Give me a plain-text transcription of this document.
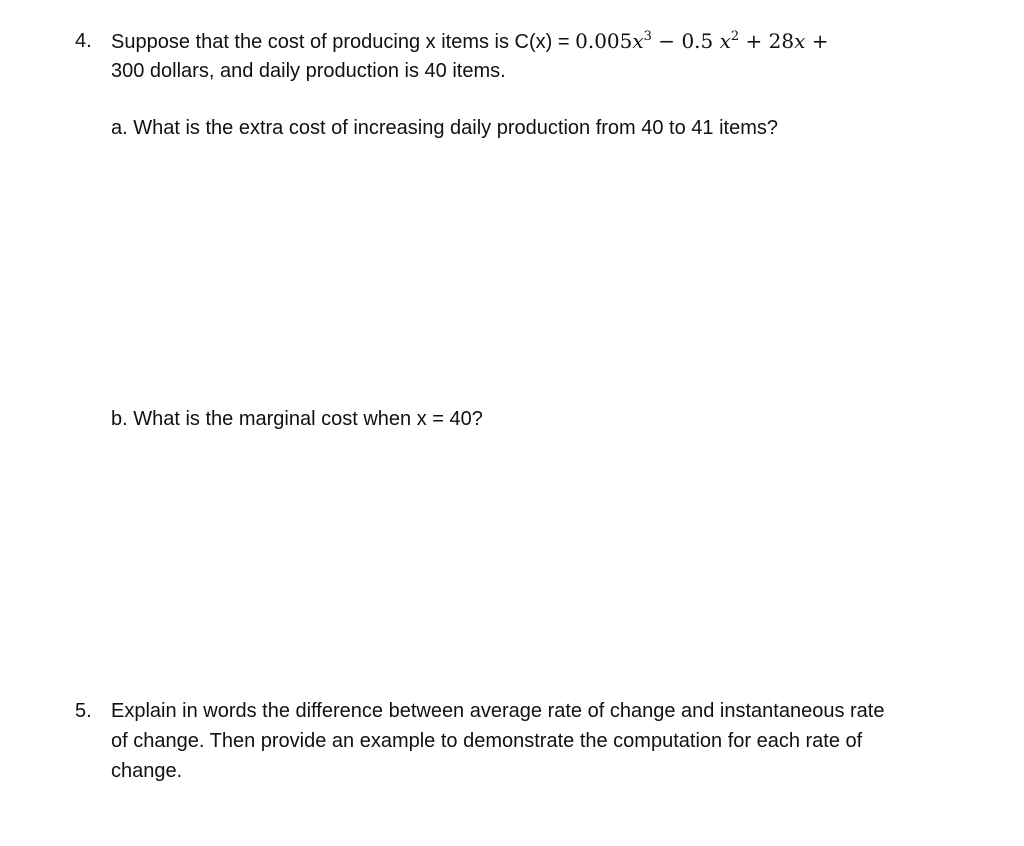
4. Suppose that the cost of producing x items is $C(x) = 0.005x^3 - 0.5$ $x^2 + 28x$ +
300 dollars, and daily production is 40 items.
a. What is the extra cost of increasing daily production from 40 to 41 items?
b. What is the marginal cost when x = 40?
5. Explain in words the difference between average rate of change and instantaneous rate
of change. Then provide an example to demonstrate the computation for each rate of
change.
